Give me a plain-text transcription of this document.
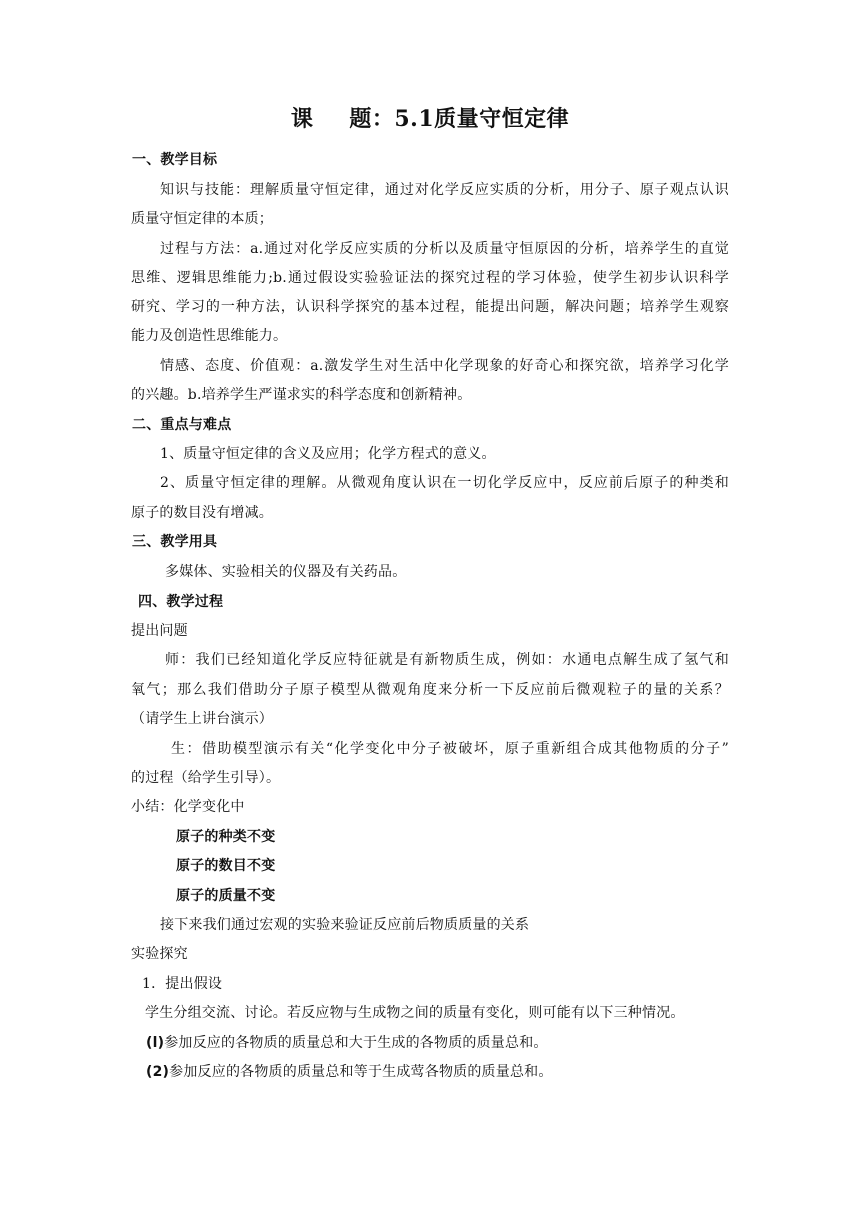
课 题：5.1质量守恒定律
一、教学目标
知识与技能：理解质量守恒定律，通过对化学反应实质的分析，用分子、原子观点认识
质量守恒定律的本质；
过程与方法：a.通过对化学反应实质的分析以及质量守恒原因的分析，培养学生的直觉
思维、逻辑思维能力;b.通过假设实验验证法的探究过程的学习体验，使学生初步认识科学
研究、学习的一种方法，认识科学探究的基本过程，能提出问题，解决问题；培养学生观察
能力及创造性思维能力。
情感、态度、价值观：a.激发学生对生活中化学现象的好奇心和探究欲，培养学习化学
的兴趣。b.培养学生严谨求实的科学态度和创新精神。
二、重点与难点
1、质量守恒定律的含义及应用；化学方程式的意义。
2、质量守恒定律的理解。从微观角度认识在一切化学反应中，反应前后原子的种类和
原子的数目没有增减。
三、教学用具
多媒体、实验相关的仪器及有关药品。
四、教学过程
提出问题
师：我们已经知道化学反应特征就是有新物质生成，例如：水通电点解生成了氢气和
氧气；那么我们借助分子原子模型从微观角度来分析一下反应前后微观粒子的量的关系？
（请学生上讲台演示）
生：借助模型演示有关“化学变化中分子被破坏，原子重新组合成其他物质的分子”
的过程（给学生引导）。
小结：化学变化中
原子的种类不变
原子的数目不变
原子的质量不变
接下来我们通过宏观的实验来验证反应前后物质质量的关系
实验探究
1．提出假设
学生分组交流、讨论。若反应物与生成物之间的质量有变化，则可能有以下三种情况。
(l)参加反应的各物质的质量总和大于生成的各物质的质量总和。
(2)参加反应的各物质的质量总和等于生成莺各物质的质量总和。
